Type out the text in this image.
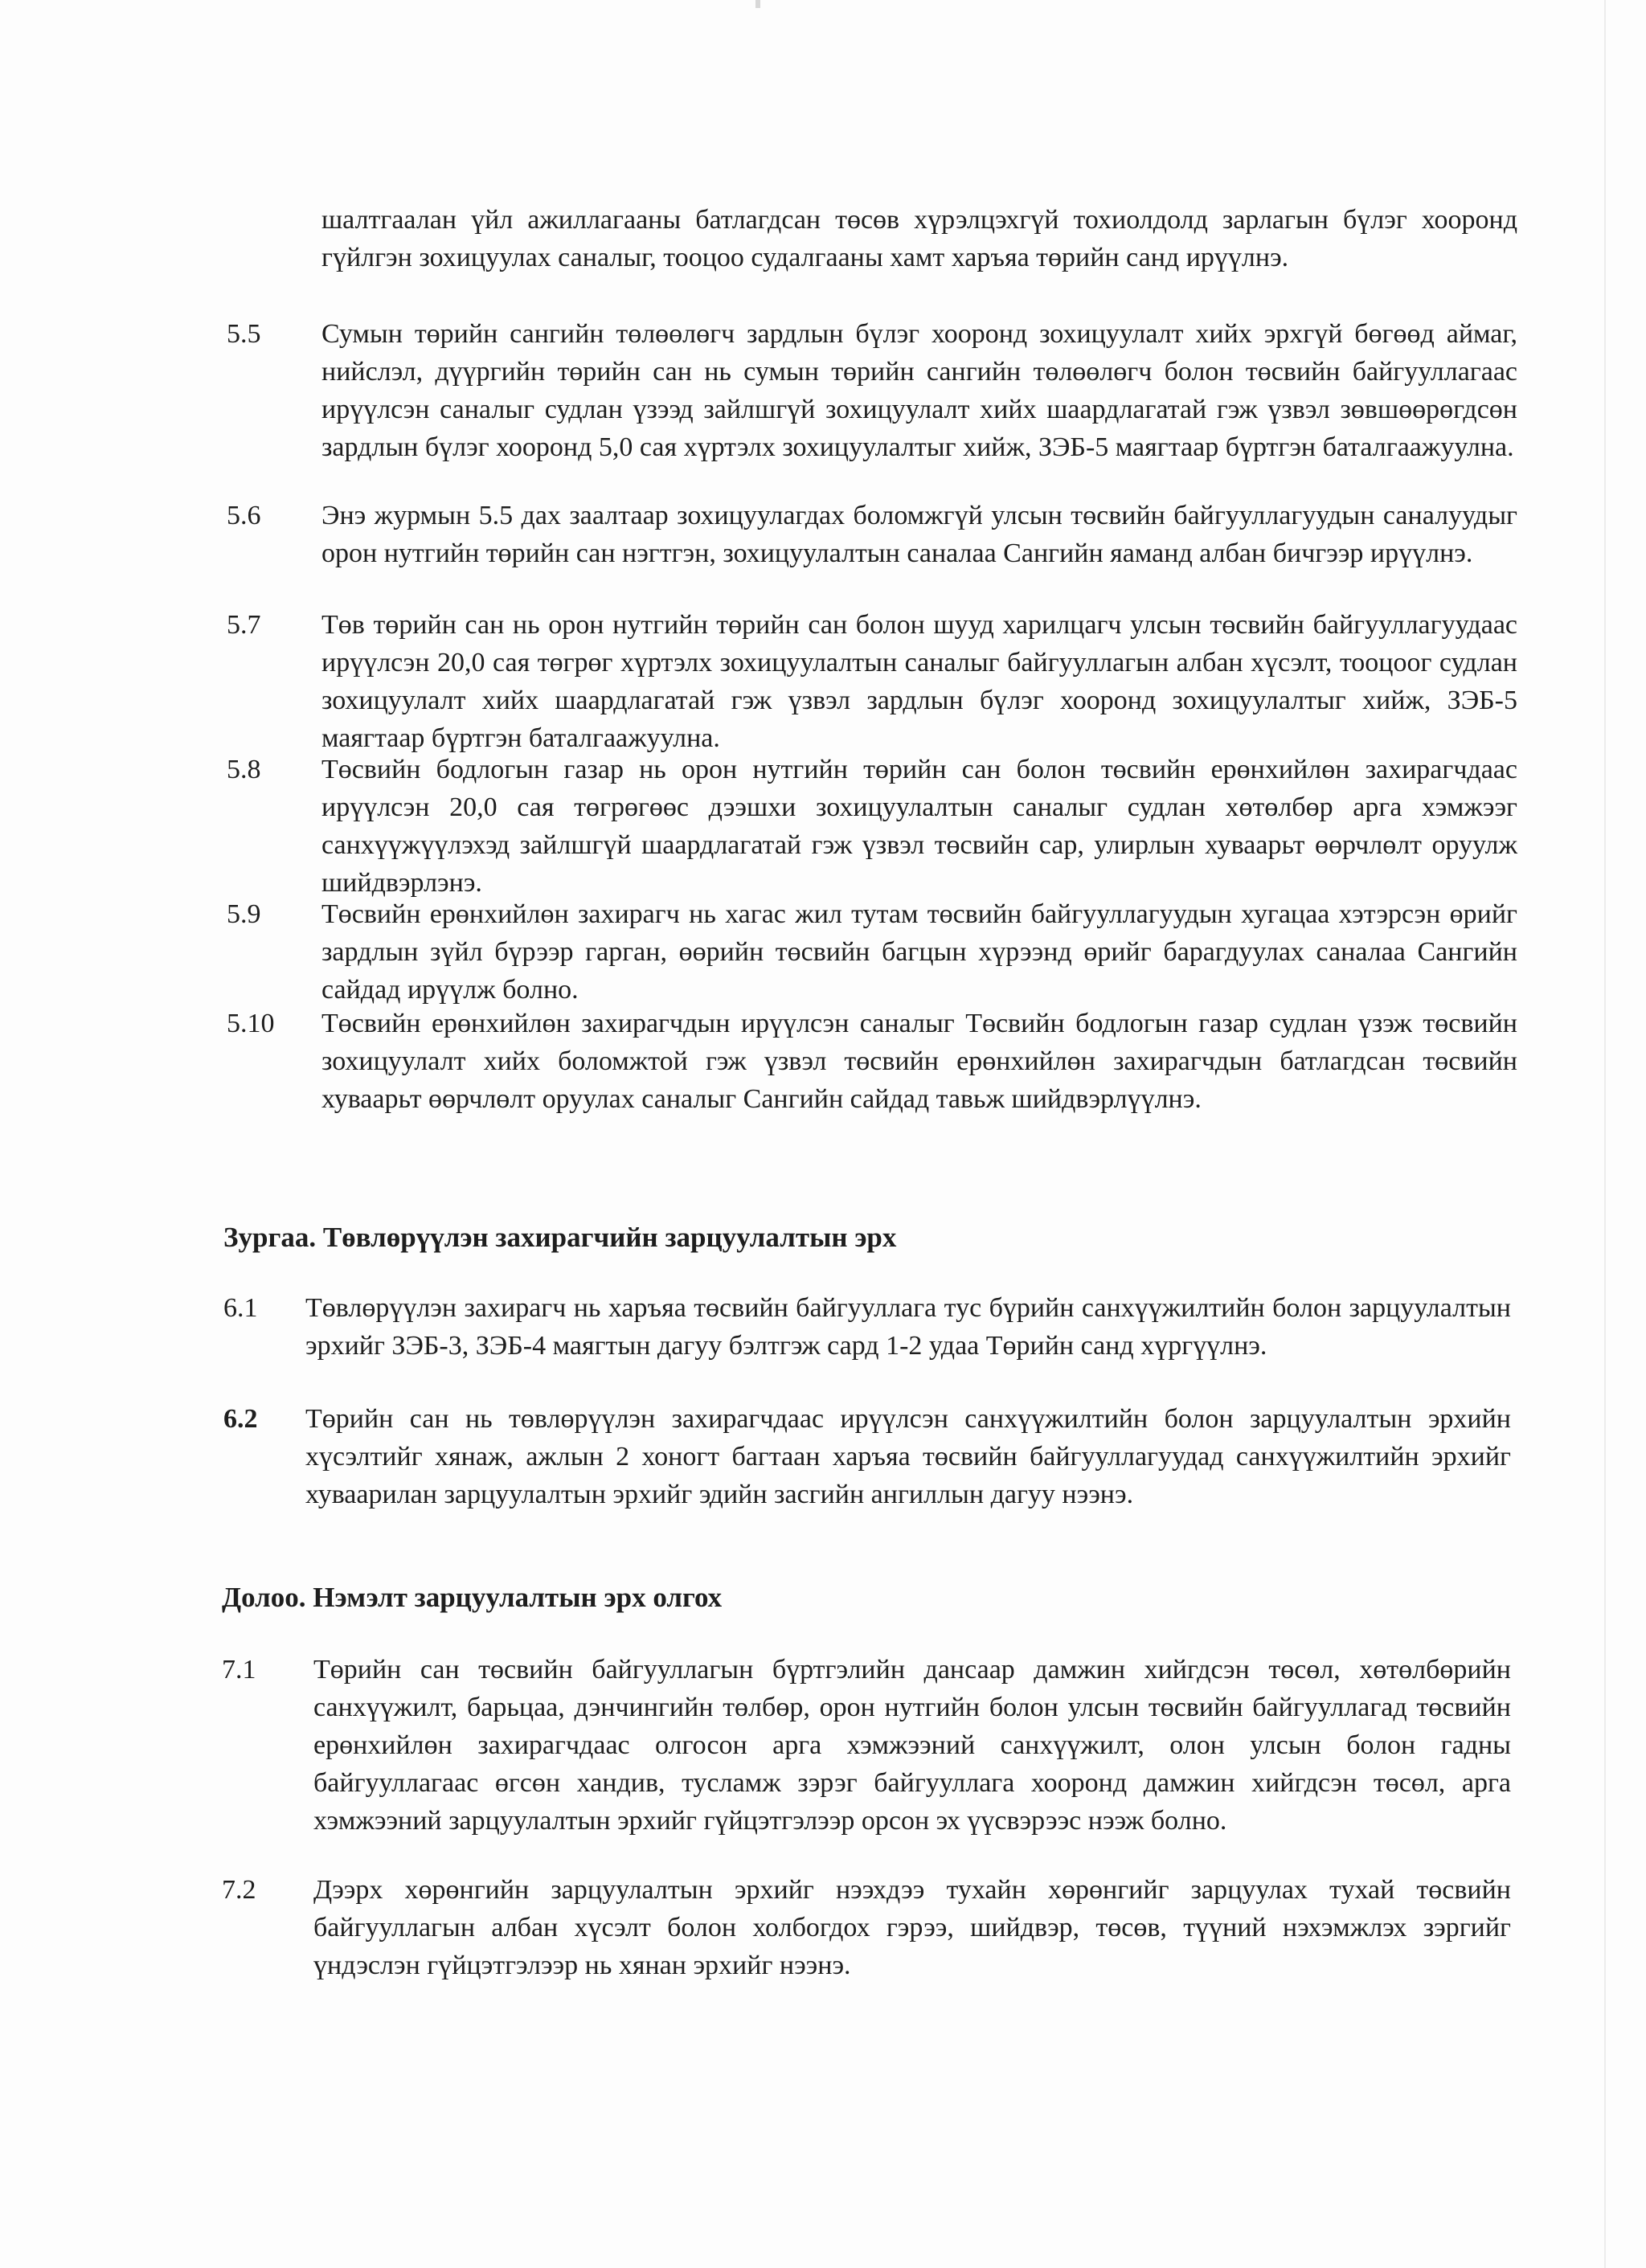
шалтгаалан үйл ажиллагааны батлагдсан төсөв хүрэлцэхгүй тохиолдолд зарлагын бүлэг хооронд гүйлгэн зохицуулах саналыг, тооцоо судалгааны хамт харъяа төрийн санд ирүүлнэ.
5.5	Сумын төрийн сангийн төлөөлөгч зардлын бүлэг хооронд зохицуулалт хийх эрхгүй бөгөөд аймаг, нийслэл, дүүргийн төрийн сан нь сумын төрийн сангийн төлөөлөгч болон төсвийн байгууллагаас ирүүлсэн саналыг судлан үзээд зайлшгүй зохицуулалт хийх шаардлагатай гэж үзвэл зөвшөөрөгдсөн зардлын бүлэг хооронд 5,0 сая хүртэлх зохицуулалтыг хийж, ЗЭБ-5 маягтаар бүртгэн баталгаажуулна.
5.6	Энэ журмын 5.5 дах заалтаар зохицуулагдах боломжгүй улсын төсвийн байгууллагуудын саналуудыг орон нутгийн төрийн сан нэгтгэн, зохицуулалтын саналаа Сангийн яаманд албан бичгээр ирүүлнэ.
5.7	Төв төрийн сан нь орон нутгийн төрийн сан болон шууд харилцагч улсын төсвийн байгууллагуудаас ирүүлсэн 20,0 сая төгрөг хүртэлх зохицуулалтын саналыг байгууллагын албан хүсэлт, тооцоог судлан зохицуулалт хийх шаардлагатай гэж үзвэл зардлын бүлэг хооронд зохицуулалтыг хийж, ЗЭБ-5 маягтаар бүртгэн баталгаажуулна.
5.8	Төсвийн бодлогын газар нь орон нутгийн төрийн сан болон төсвийн ерөнхийлөн захирагчдаас ирүүлсэн 20,0 сая төгрөгөөс дээшхи зохицуулалтын саналыг судлан хөтөлбөр арга хэмжээг санхүүжүүлэхэд зайлшгүй шаардлагатай гэж үзвэл төсвийн сар, улирлын хуваарьт өөрчлөлт оруулж шийдвэрлэнэ.
5.9	Төсвийн ерөнхийлөн захирагч нь хагас жил тутам төсвийн байгууллагуудын хугацаа хэтэрсэн өрийг зардлын зүйл бүрээр гарган, өөрийн төсвийн багцын хүрээнд өрийг барагдуулах саналаа Сангийн сайдад ирүүлж болно.
5.10	Төсвийн ерөнхийлөн захирагчдын ирүүлсэн саналыг Төсвийн бодлогын газар судлан үзэж төсвийн зохицуулалт хийх боломжтой гэж үзвэл төсвийн ерөнхийлөн захирагчдын батлагдсан төсвийн хуваарьт өөрчлөлт оруулах саналыг Сангийн сайдад тавьж шийдвэрлүүлнэ.
Зургаа. Төвлөрүүлэн захирагчийн зарцуулалтын эрх
6.1	Төвлөрүүлэн захирагч нь харъяа төсвийн байгууллага тус бүрийн санхүүжилтийн болон зарцуулалтын эрхийг ЗЭБ-3, ЗЭБ-4 маягтын дагуу бэлтгэж сард 1-2 удаа Төрийн санд хүргүүлнэ.
6.2	Төрийн сан нь төвлөрүүлэн захирагчдаас ирүүлсэн санхүүжилтийн болон зарцуулалтын эрхийн хүсэлтийг хянаж, ажлын 2 хоногт багтаан харъяа төсвийн байгууллагуудад санхүүжилтийн эрхийг хуваарилан зарцуулалтын эрхийг эдийн засгийн ангиллын дагуу нээнэ.
Долоо. Нэмэлт зарцуулалтын эрх олгох
7.1	Төрийн сан төсвийн байгууллагын бүртгэлийн дансаар дамжин хийгдсэн төсөл, хөтөлбөрийн санхүүжилт, барьцаа, дэнчингийн төлбөр, орон нутгийн болон улсын төсвийн байгууллагад төсвийн ерөнхийлөн захирагчдаас олгосон арга хэмжээний санхүүжилт, олон улсын болон гадны байгууллагаас өгсөн хандив, тусламж зэрэг байгууллага хооронд дамжин хийгдсэн төсөл, арга хэмжээний зарцуулалтын эрхийг гүйцэтгэлээр орсон эх үүсвэрээс нээж болно.
7.2	Дээрх хөрөнгийн зарцуулалтын эрхийг нээхдээ тухайн хөрөнгийг зарцуулах тухай төсвийн байгууллагын албан хүсэлт болон холбогдох гэрээ, шийдвэр, төсөв, түүний нэхэмжлэх зэргийг үндэслэн гүйцэтгэлээр нь хянан эрхийг нээнэ.
